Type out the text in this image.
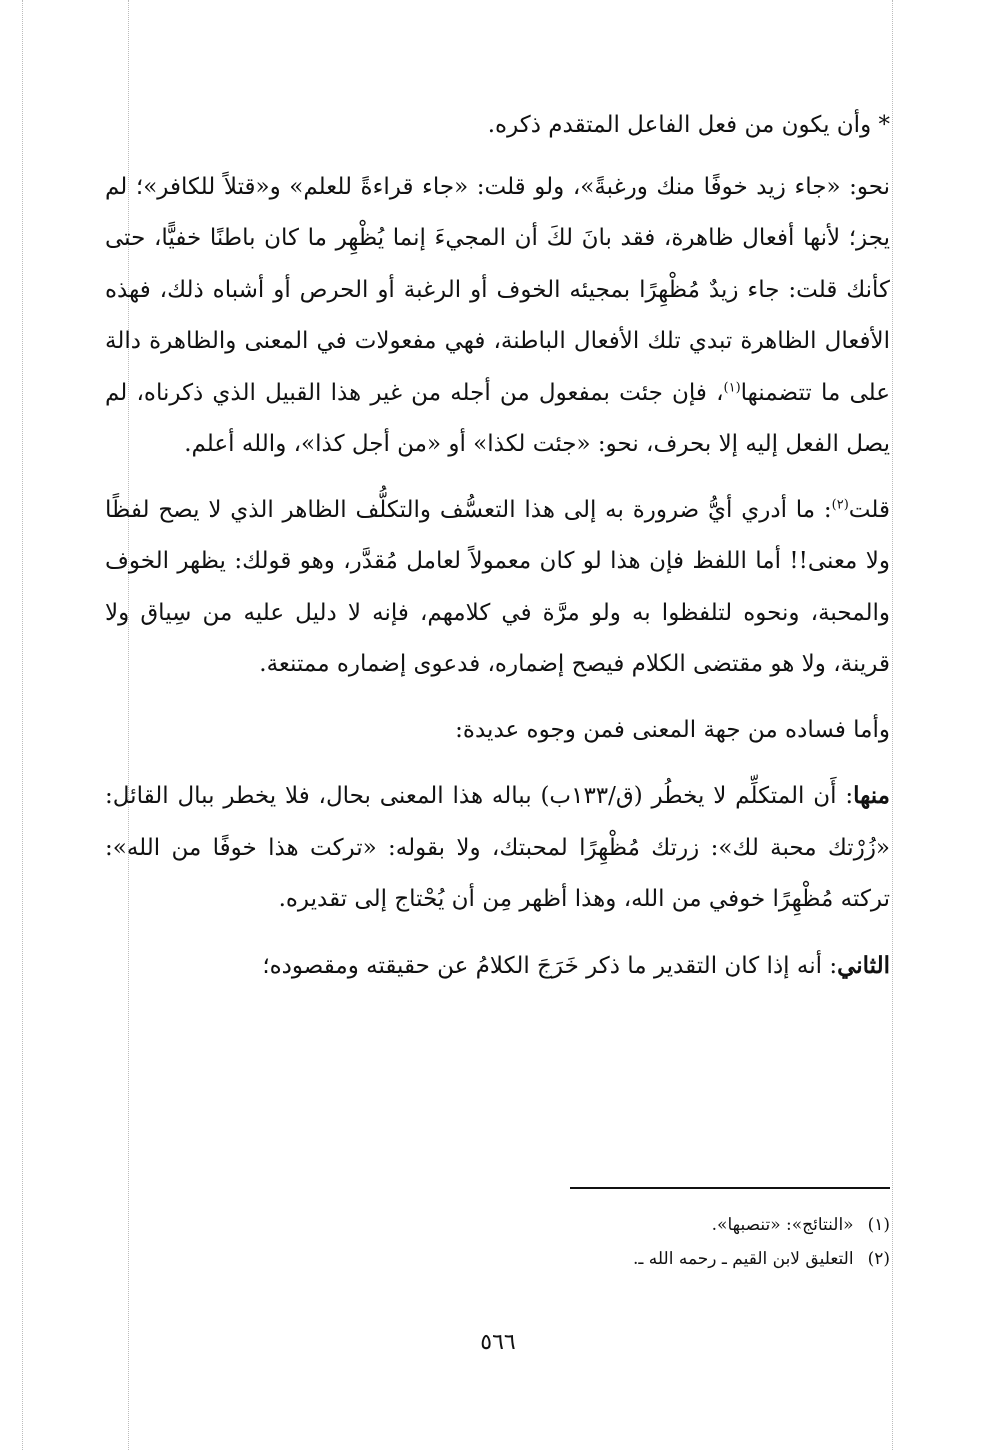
* وأن يكون من فعل الفاعل المتقدم ذكره.

نحو: «جاء زيد خوفًا منك ورغبةً»، ولو قلت: «جاء قراءةً للعلم» و«قتلاً للكافر»؛ لم يجز؛ لأنها أفعال ظاهرة، فقد بانَ لكَ أن المجيءَ إنما يُظْهِر ما كان باطنًا خفيًّا، حتى كأنك قلت: جاء زيدٌ مُظْهِرًا بمجيئه الخوف أو الرغبة أو الحرص أو أشباه ذلك، فهذه الأفعال الظاهرة تبدي تلك الأفعال الباطنة، فهي مفعولات في المعنى والظاهرة دالة على ما تتضمنها$^{(١)}$، فإن جئت بمفعول من أجله من غير هذا القبيل الذي ذكرناه، لم يصل الفعل إليه إلا بحرف، نحو: «جئت لكذا» أو «من أجل كذا»، والله أعلم.

قلت$^{(٢)}$: ما أدري أيُّ ضرورة به إلى هذا التعسُّف والتكلُّف الظاهر الذي لا يصح لفظًا ولا معنى!! أما اللفظ فإن هذا لو كان معمولاً لعامل مُقدَّر، وهو قولك: يظهر الخوف والمحبة، ونحوه لتلفظوا به ولو مرَّة في كلامهم، فإنه لا دليل عليه من سِياق ولا قرينة، ولا هو مقتضى الكلام فيصح إضماره، فدعوى إضماره ممتنعة.

وأما فساده من جهة المعنى فمن وجوه عديدة:

منها: أَن المتكلِّم لا يخطُر (ق/١٣٣ب) بباله هذا المعنى بحال، فلا يخطر ببال القائل: «زُرْتك محبة لك»: زرتك مُظْهِرًا لمحبتك، ولا بقوله: «تركت هذا خوفًا من الله»: تركته مُظْهِرًا خوفي من الله، وهذا أظهر مِن أن يُحْتاج إلى تقديره.

الثاني: أنه إذا كان التقدير ما ذكر خَرَجَ الكلامُ عن حقيقته ومقصوده؛

(١)«النتائج»: «تنصبها».
(٢)التعليق لابن القيم ـ رحمه الله ـ.
٥٦٦
